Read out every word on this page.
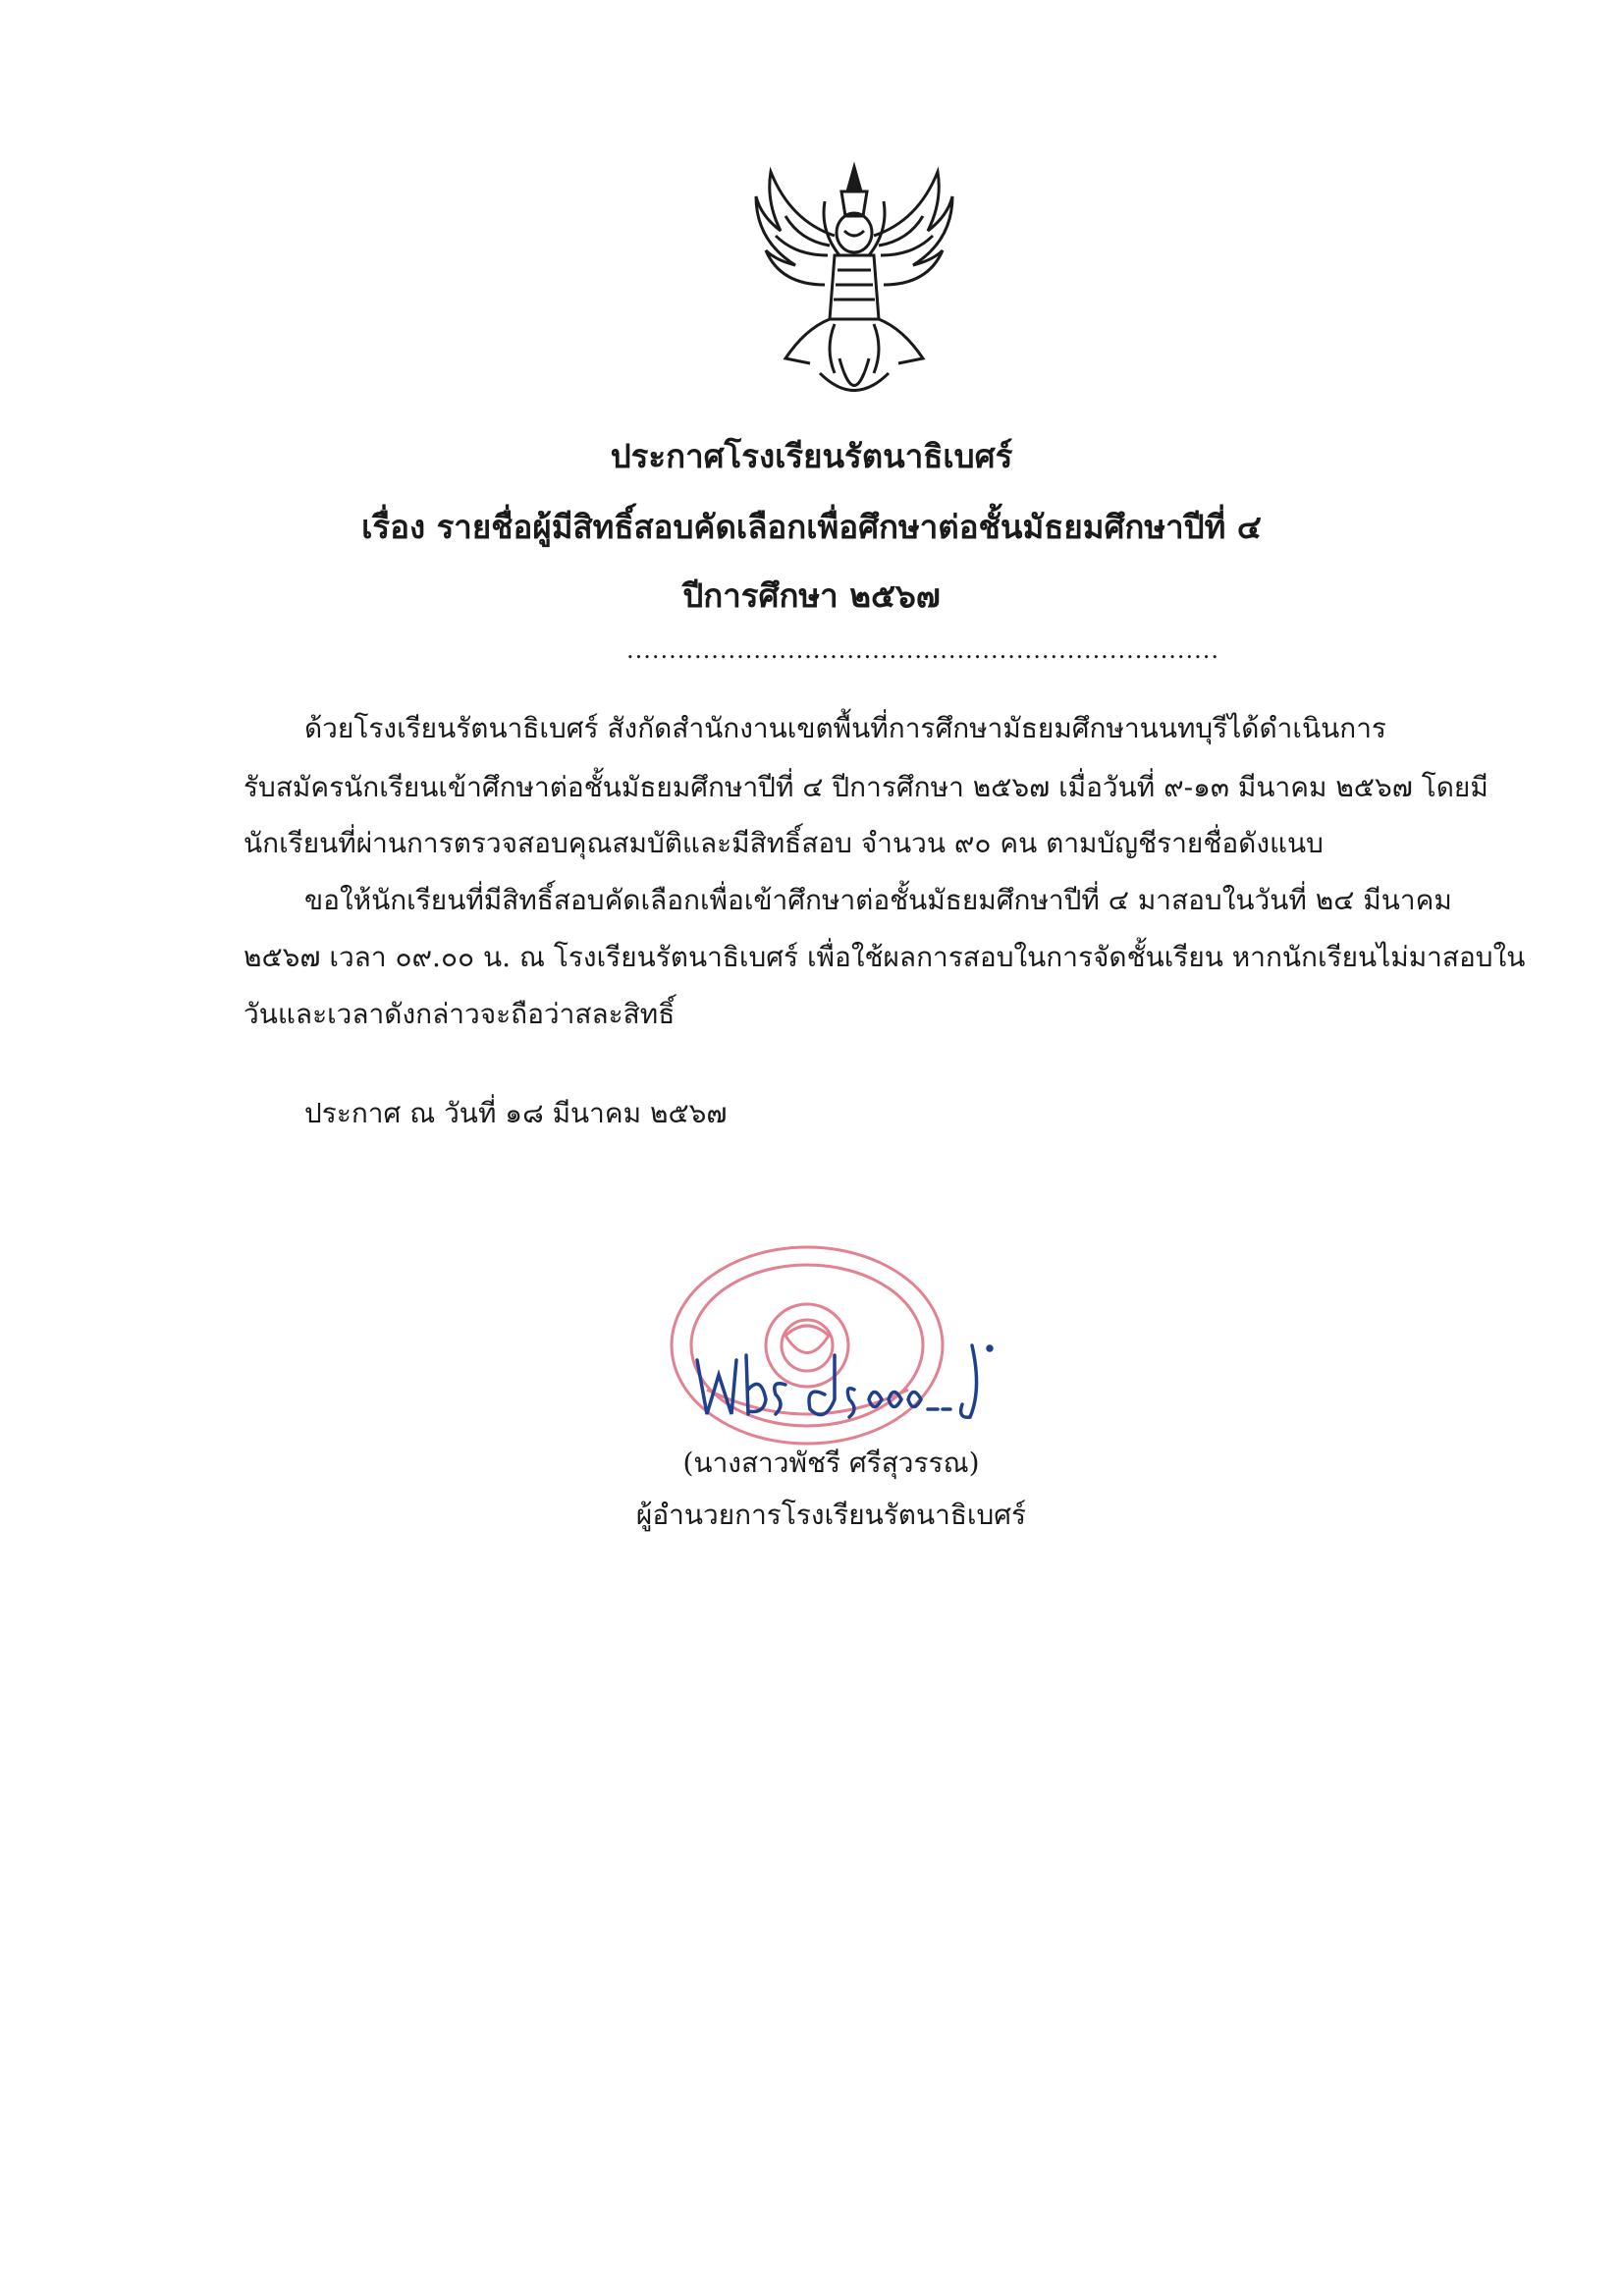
ประกาศโรงเรียนรัตนาธิเบศร์
เรื่อง รายชื่อผู้มีสิทธิ์สอบคัดเลือกเพื่อศึกษาต่อชั้นมัธยมศึกษาปีที่ ๔
ปีการศึกษา ๒๕๖๗
......................................................................
ด้วยโรงเรียนรัตนาธิเบศร์ สังกัดสำนักงานเขตพื้นที่การศึกษามัธยมศึกษานนทบุรีได้ดำเนินการ
รับสมัครนักเรียนเข้าศึกษาต่อชั้นมัธยมศึกษาปีที่ ๔ ปีการศึกษา ๒๕๖๗ เมื่อวันที่ ๙-๑๓ มีนาคม ๒๕๖๗ โดยมี
นักเรียนที่ผ่านการตรวจสอบคุณสมบัติและมีสิทธิ์สอบ จำนวน ๙๐ คน ตามบัญชีรายชื่อดังแนบ
ขอให้นักเรียนที่มีสิทธิ์สอบคัดเลือกเพื่อเข้าศึกษาต่อชั้นมัธยมศึกษาปีที่ ๔ มาสอบในวันที่ ๒๔ มีนาคม
๒๕๖๗ เวลา ๐๙.๐๐ น. ณ โรงเรียนรัตนาธิเบศร์ เพื่อใช้ผลการสอบในการจัดชั้นเรียน หากนักเรียนไม่มาสอบใน
วันและเวลาดังกล่าวจะถือว่าสละสิทธิ์
ประกาศ ณ วันที่ ๑๘ มีนาคม ๒๕๖๗
(นางสาวพัชรี ศรีสุวรรณ)
ผู้อำนวยการโรงเรียนรัตนาธิเบศร์
